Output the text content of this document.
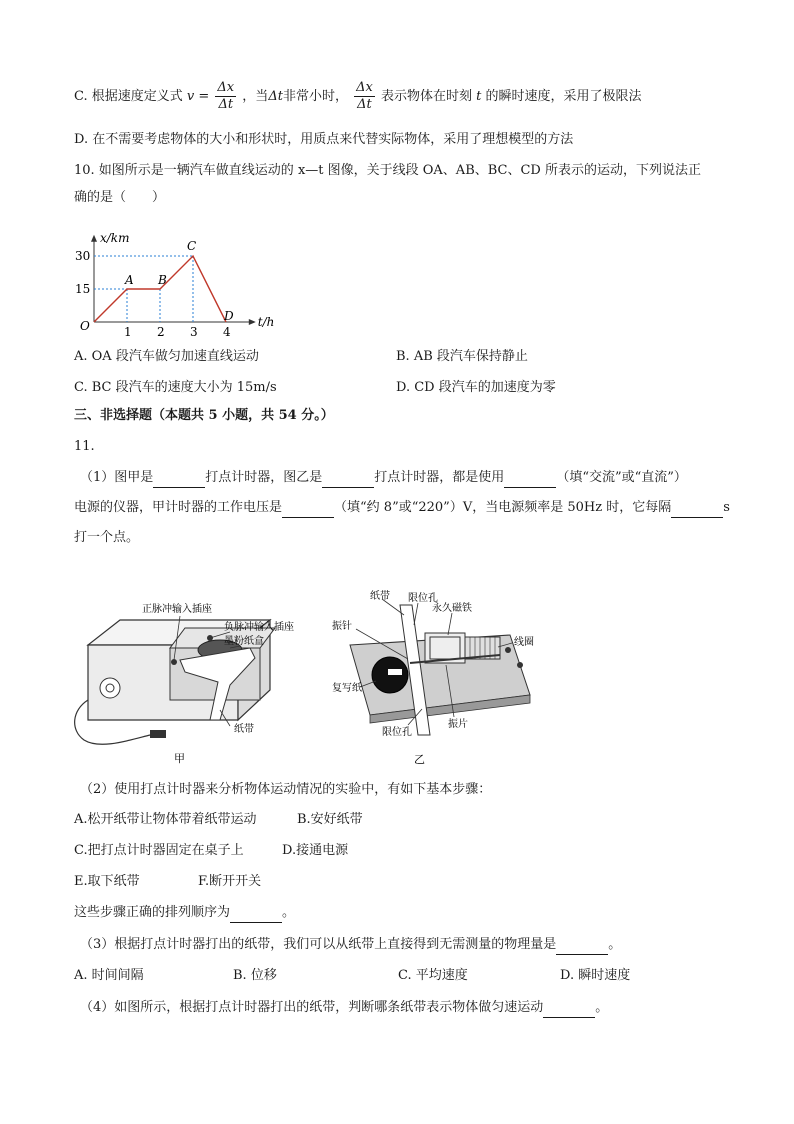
C. 根据速度定义式 $v = \frac{\Delta x}{\Delta t}$ ，当Δt非常小时， $\frac{\Delta x}{\Delta t}$ 表示物体在时刻 t 的瞬时速度，采用了极限法
D. 在不需要考虑物体的大小和形状时，用质点来代替实际物体，采用了理想模型的方法
10. 如图所示是一辆汽车做直线运动的 x—t 图像，关于线段 OA、AB、BC、CD 所表示的运动，下列说法正
确的是（　　）
x/km
t/h
1 2 3 4
15
30
O
A B
C
D
A. OA 段汽车做匀加速直线运动	B. AB 段汽车保持静止
C. BC 段汽车的速度大小为 15m/s	D. CD 段汽车的加速度为零
三、非选择题（本题共 5 小题，共 54 分。）
11.
（1）图甲是	打点计时器，图乙是	打点计时器，都是使用	（填“交流”或“直流”）
电源的仪器，甲计时器的工作电压是	（填“约 8”或“220”）V，当电源频率是 50Hz 时，它每隔	s
打一个点。
正脉冲输入插座
负脉冲输入插座
墨粉纸盒
纸带
甲
纸带 限位孔
永久磁铁
振针
线圈
复写纸
限位孔
振片
乙
（2）使用打点计时器来分析物体运动情况的实验中，有如下基本步骤：
A.松开纸带让物体带着纸带运动	B.安好纸带
C.把打点计时器固定在桌子上	D.接通电源
E.取下纸带	F.断开开关
这些步骤正确的排列顺序为	。
（3）根据打点计时器打出的纸带，我们可以从纸带上直接得到无需测量的物理量是	。
A. 时间间隔	B. 位移	C. 平均速度	D. 瞬时速度
（4）如图所示，根据打点计时器打出的纸带，判断哪条纸带表示物体做匀速运动	。
